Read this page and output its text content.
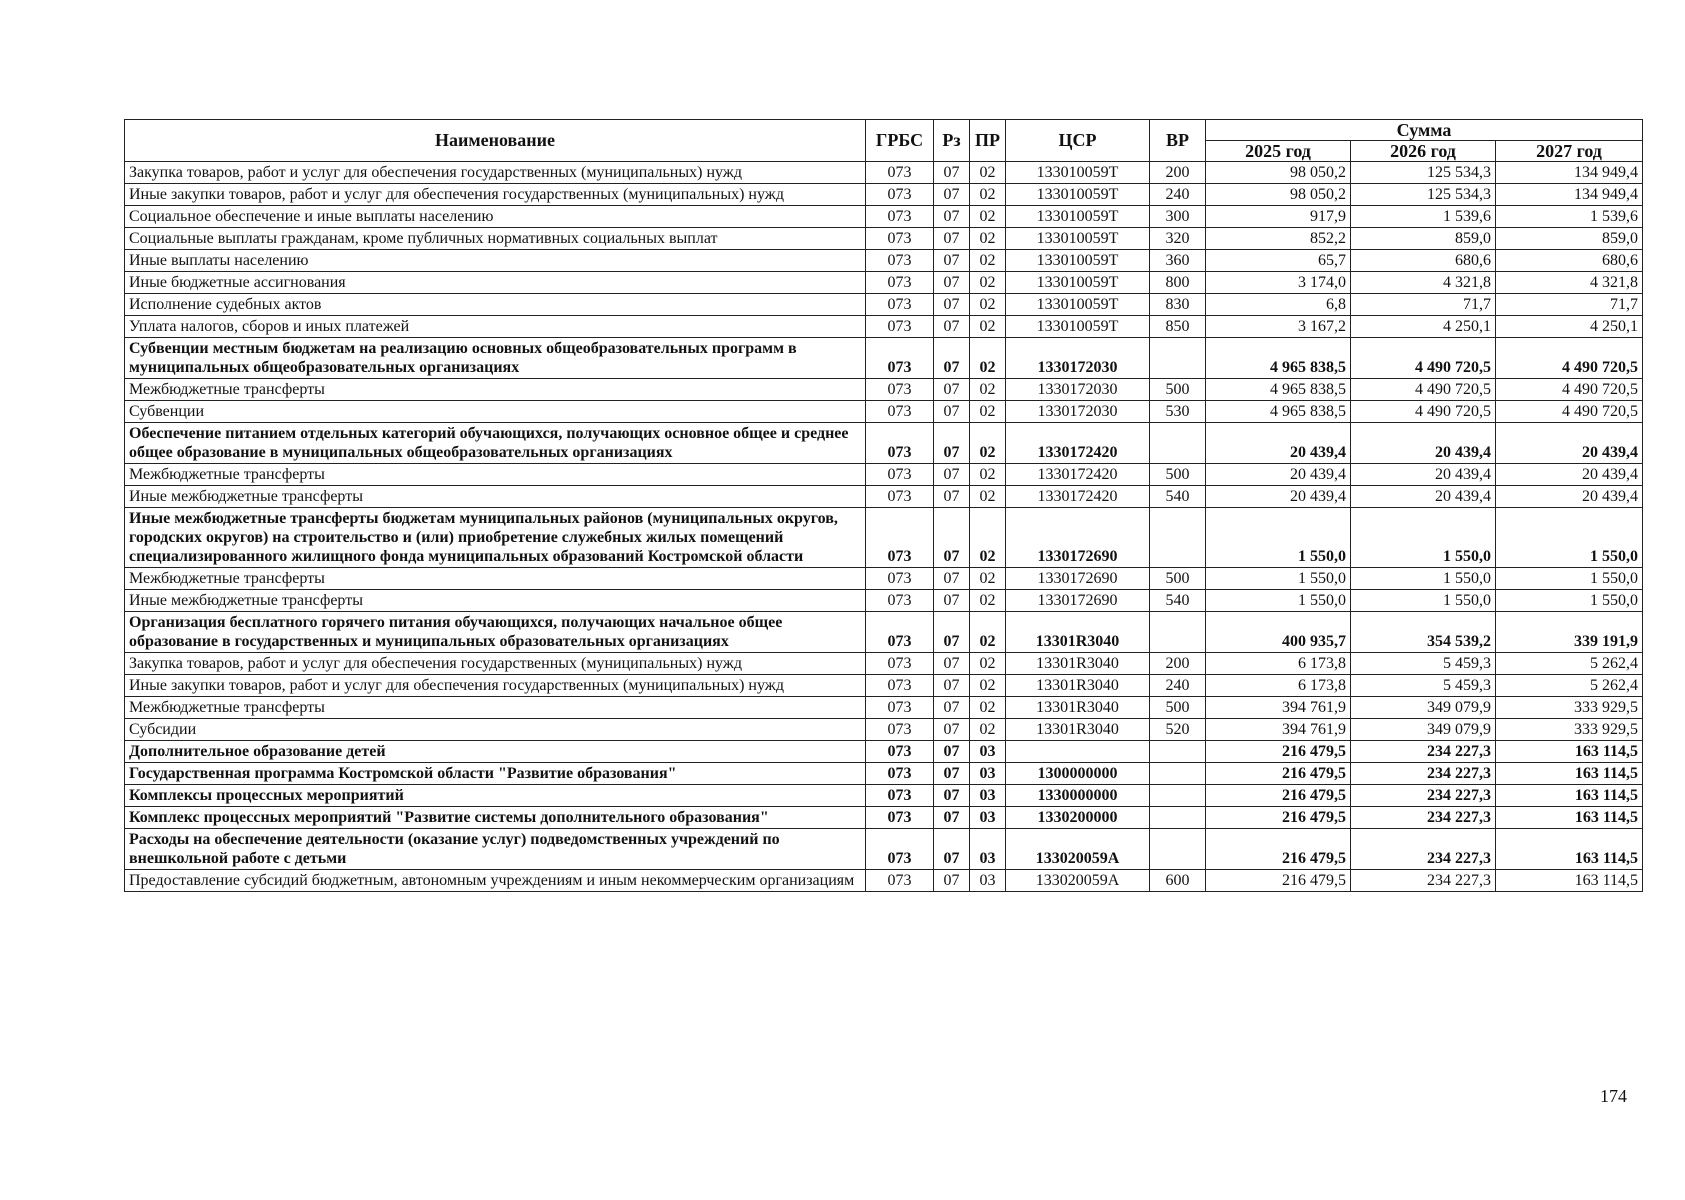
Наименование	ГРБС	Рз	ПР	ЦСР	ВР	Сумма		
						2025 год	2026 год	2027 год
Закупка товаров, работ и услуг для обеспечения государственных (муниципальных) нужд	073	07	02	133010059Т	200	98 050,2	125 534,3	134 949,4
Иные закупки товаров, работ и услуг для обеспечения государственных (муниципальных) нужд	073	07	02	133010059Т	240	98 050,2	125 534,3	134 949,4
Социальное обеспечение и иные выплаты населению	073	07	02	133010059Т	300	917,9	1 539,6	1 539,6
Социальные выплаты гражданам, кроме публичных нормативных социальных выплат	073	07	02	133010059Т	320	852,2	859,0	859,0
Иные выплаты населению	073	07	02	133010059Т	360	65,7	680,6	680,6
Иные бюджетные ассигнования	073	07	02	133010059Т	800	3 174,0	4 321,8	4 321,8
Исполнение судебных актов	073	07	02	133010059Т	830	6,8	71,7	71,7
Уплата налогов, сборов и иных платежей	073	07	02	133010059Т	850	3 167,2	4 250,1	4 250,1
Субвенции местным бюджетам на реализацию основных общеобразовательных программ в муниципальных общеобразовательных организациях	073	07	02	1330172030		4 965 838,5	4 490 720,5	4 490 720,5
Межбюджетные трансферты	073	07	02	1330172030	500	4 965 838,5	4 490 720,5	4 490 720,5
Субвенции	073	07	02	1330172030	530	4 965 838,5	4 490 720,5	4 490 720,5
Обеспечение питанием отдельных категорий обучающихся, получающих основное общее и среднее общее образование в муниципальных общеобразовательных организациях	073	07	02	1330172420		20 439,4	20 439,4	20 439,4
Межбюджетные трансферты	073	07	02	1330172420	500	20 439,4	20 439,4	20 439,4
Иные межбюджетные трансферты	073	07	02	1330172420	540	20 439,4	20 439,4	20 439,4
Иные межбюджетные трансферты бюджетам муниципальных районов (муниципальных округов, городских округов) на строительство и (или) приобретение служебных жилых помещений специализированного жилищного фонда муниципальных образований Костромской области	073	07	02	1330172690		1 550,0	1 550,0	1 550,0
Межбюджетные трансферты	073	07	02	1330172690	500	1 550,0	1 550,0	1 550,0
Иные межбюджетные трансферты	073	07	02	1330172690	540	1 550,0	1 550,0	1 550,0
Организация бесплатного горячего питания обучающихся, получающих начальное общее образование в государственных и муниципальных образовательных организациях	073	07	02	13301R3040		400 935,7	354 539,2	339 191,9
Закупка товаров, работ и услуг для обеспечения государственных (муниципальных) нужд	073	07	02	13301R3040	200	6 173,8	5 459,3	5 262,4
Иные закупки товаров, работ и услуг для обеспечения государственных (муниципальных) нужд	073	07	02	13301R3040	240	6 173,8	5 459,3	5 262,4
Межбюджетные трансферты	073	07	02	13301R3040	500	394 761,9	349 079,9	333 929,5
Субсидии	073	07	02	13301R3040	520	394 761,9	349 079,9	333 929,5
Дополнительное образование детей	073	07	03			216 479,5	234 227,3	163 114,5
Государственная программа Костромской области "Развитие образования"	073	07	03	1300000000		216 479,5	234 227,3	163 114,5
Комплексы процессных мероприятий	073	07	03	1330000000		216 479,5	234 227,3	163 114,5
Комплекс процессных мероприятий "Развитие системы дополнительного образования"	073	07	03	1330200000		216 479,5	234 227,3	163 114,5
Расходы на обеспечение деятельности (оказание услуг) подведомственных учреждений по внешкольной работе с детьми	073	07	03	133020059А		216 479,5	234 227,3	163 114,5
Предоставление субсидий бюджетным, автономным учреждениям и иным некоммерческим организациям	073	07	03	133020059А	600	216 479,5	234 227,3	163 114,5
174
